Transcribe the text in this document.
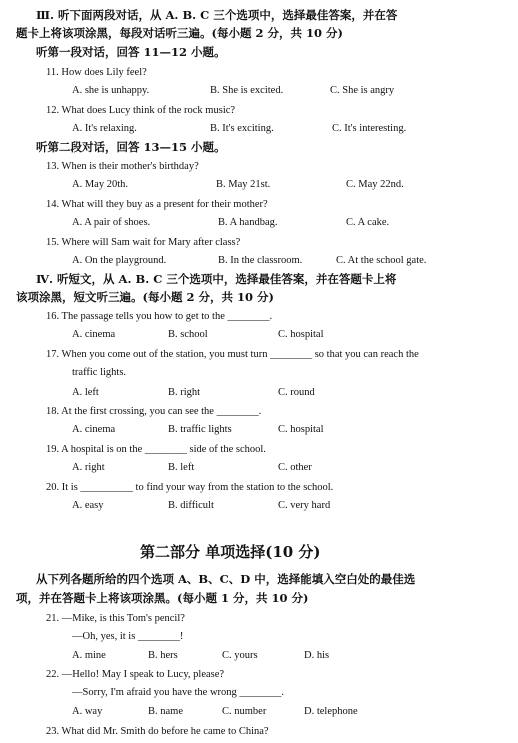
Ⅲ. 听下面两段对话，从 A. B. C 三个选项中，选择最佳答案，并在答
题卡上将该项涂黑，每段对话听三遍。(每小题 2 分，共 10 分)
听第一段对话，回答 11—12 小题。
11. How does Lily feel?
A. she is unhappy.	B. She is excited.	C. She is angry
12. What does Lucy think of the rock music?
A. It's relaxing.	B. It's exciting.	C. It's interesting.
听第二段对话，回答 13—15 小题。
13. When is their mother's birthday?
A. May 20th.	B. May 21st.	C. May 22nd.
14. What will they buy as a present for their mother?
A. A pair of shoes.	B. A handbag.	C. A cake.
15. Where will Sam wait for Mary after class?
A. On the playground.	B. In the classroom.	C. At the school gate.
Ⅳ. 听短文，从 A. B. C 三个选项中，选择最佳答案，并在答题卡上将
该项涂黑，短文听三遍。(每小题 2 分，共 10 分)
16. The passage tells you how to get to the ________.
A. cinema	B. school	C. hospital
17. When you come out of the station, you must turn ________ so that you can reach the
traffic lights.
A. left	B. right	C. round
18. At the first crossing, you can see the ________.
A. cinema	B. traffic lights	C. hospital
19. A hospital is on the ________ side of the school.
A. right	B. left	C. other
20. It is __________ to find your way from the station to the school.
A. easy	B. difficult	C. very hard
第二部分 单项选择(10 分)
从下列各题所给的四个选项 A、B、C、D 中，选择能填入空白处的最佳选
项，并在答题卡上将该项涂黑。(每小题 1 分，共 10 分)
21. —Mike, is this Tom's pencil?
—Oh, yes, it is ________!
A. mine	B. hers	C. yours	D. his
22. —Hello! May I speak to Lucy, please?
—Sorry, I'm afraid you have the wrong ________.
A. way	B. name	C. number	D. telephone
23. What did Mr. Smith do before he came to China?
